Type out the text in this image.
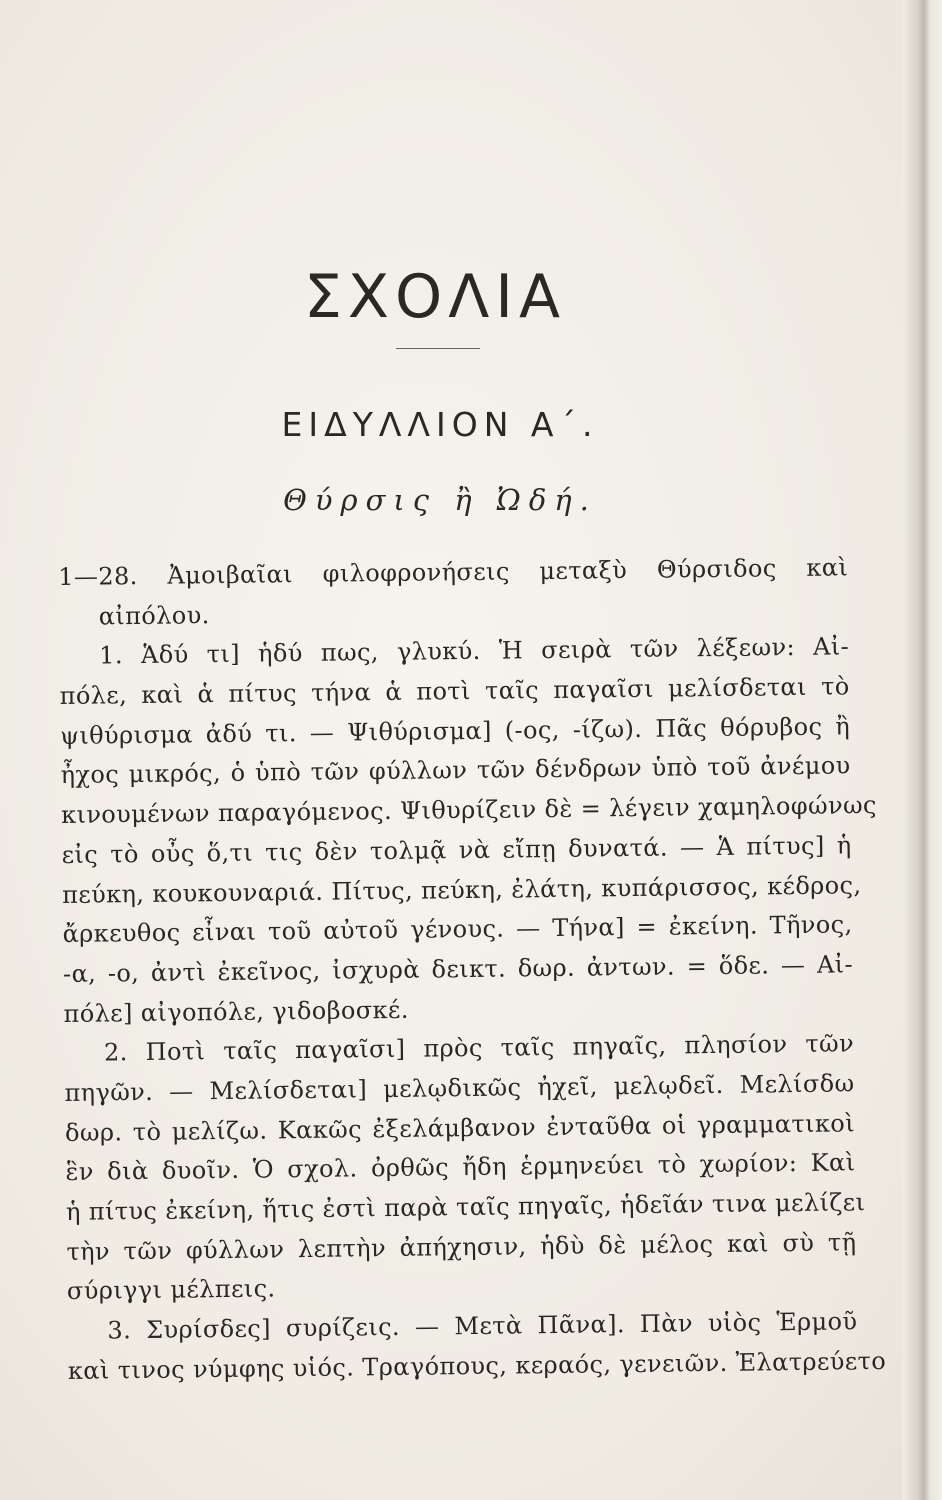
ΣΧΟΛΙΑ
ΕΙΔΥΛΛΙΟΝ Α΄.
Θύρσις ἢ Ὠδή.
1—28. Ἀμοιβαῖαι φιλοφρονήσεις μεταξὺ Θύρσιδος καὶ
αἰπόλου.
1. Ἁδύ τι] ἡδύ πως, γλυκύ. Ἡ σειρὰ τῶν λέξεων: Αἰ-
πόλε, καὶ ἁ πίτυς τήνα ἁ ποτὶ ταῖς παγαῖσι μελίσδεται τὸ
ψιθύρισμα ἀδύ τι. — Ψιθύρισμα] (-ος, -ίζω). Πᾶς θόρυβος ἢ
ἦχος μικρός, ὁ ὑπὸ τῶν φύλλων τῶν δένδρων ὑπὸ τοῦ ἀνέμου
κινουμένων παραγόμενος. Ψιθυρίζειν δὲ = λέγειν χαμηλοφώνως
εἰς τὸ οὖς ὅ,τι τις δὲν τολμᾷ νὰ εἴπῃ δυνατά. — Ἁ πίτυς] ἡ
πεύκη, κουκουναριά. Πίτυς, πεύκη, ἐλάτη, κυπάρισσος, κέδρος,
ἄρκευθος εἶναι τοῦ αὐτοῦ γένους. — Τήνα] = ἐκείνη. Τῆνος,
-α, -ο, ἀντὶ ἐκεῖνος, ἰσχυρὰ δεικτ. δωρ. ἀντων. = ὅδε. — Αἰ-
πόλε] αἰγοπόλε, γιδοβοσκέ.
2. Ποτὶ ταῖς παγαῖσι] πρὸς ταῖς πηγαῖς, πλησίον τῶν
πηγῶν. — Μελίσδεται] μελῳδικῶς ἠχεῖ, μελῳδεῖ. Μελίσδω
δωρ. τὸ μελίζω. Κακῶς ἐξελάμβανον ἐνταῦθα οἱ γραμματικοὶ
ἓν διὰ δυοῖν. Ὁ σχολ. ὀρθῶς ἤδη ἑρμηνεύει τὸ χωρίον: Καὶ
ἡ πίτυς ἐκείνη, ἥτις ἐστὶ παρὰ ταῖς πηγαῖς, ἡδεῖάν τινα μελίζει
τὴν τῶν φύλλων λεπτὴν ἀπήχησιν, ἡδὺ δὲ μέλος καὶ σὺ τῇ
σύριγγι μέλπεις.
3. Συρίσδες] συρίζεις. — Μετὰ Πᾶνα]. Πὰν υἱὸς Ἑρμοῦ
καὶ τινος νύμφης υἱός. Τραγόπους, κεραός, γενειῶν. Ἐλατρεύετο
